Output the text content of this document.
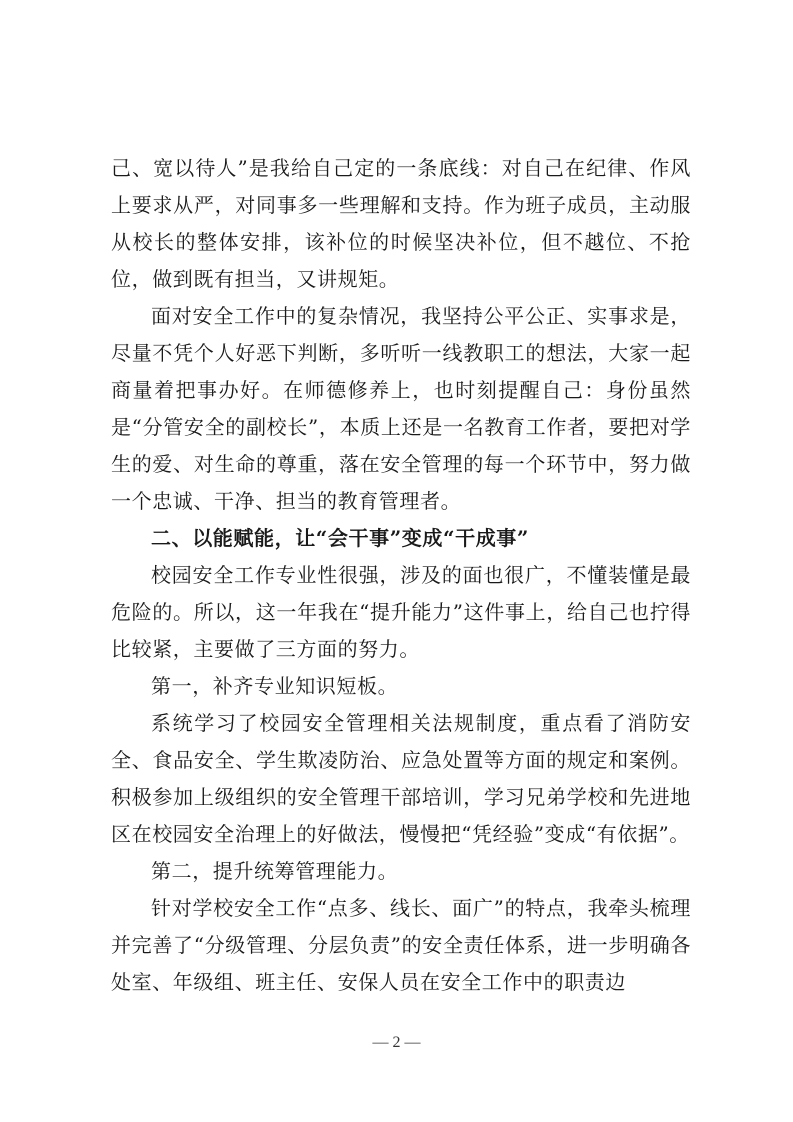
己、宽以待人”是我给自己定的一条底线：对自己在纪律、作风上要求从严，对同事多一些理解和支持。作为班子成员，主动服从校长的整体安排，该补位的时候坚决补位，但不越位、不抢位，做到既有担当，又讲规矩。

面对安全工作中的复杂情况，我坚持公平公正、实事求是，尽量不凭个人好恶下判断，多听听一线教职工的想法，大家一起商量着把事办好。在师德修养上，也时刻提醒自己：身份虽然是“分管安全的副校长”，本质上还是一名教育工作者，要把对学生的爱、对生命的尊重，落在安全管理的每一个环节中，努力做一个忠诚、干净、担当的教育管理者。

二、以能赋能，让“会干事”变成“干成事”

校园安全工作专业性很强，涉及的面也很广，不懂装懂是最危险的。所以，这一年我在“提升能力”这件事上，给自己也拧得比较紧，主要做了三方面的努力。

第一，补齐专业知识短板。

系统学习了校园安全管理相关法规制度，重点看了消防安全、食品安全、学生欺凌防治、应急处置等方面的规定和案例。积极参加上级组织的安全管理干部培训，学习兄弟学校和先进地区在校园安全治理上的好做法，慢慢把“凭经验”变成“有依据”。

第二，提升统筹管理能力。

针对学校安全工作“点多、线长、面广”的特点，我牵头梳理并完善了“分级管理、分层负责”的安全责任体系，进一步明确各处室、年级组、班主任、安保人员在安全工作中的职责边

— 2 —
